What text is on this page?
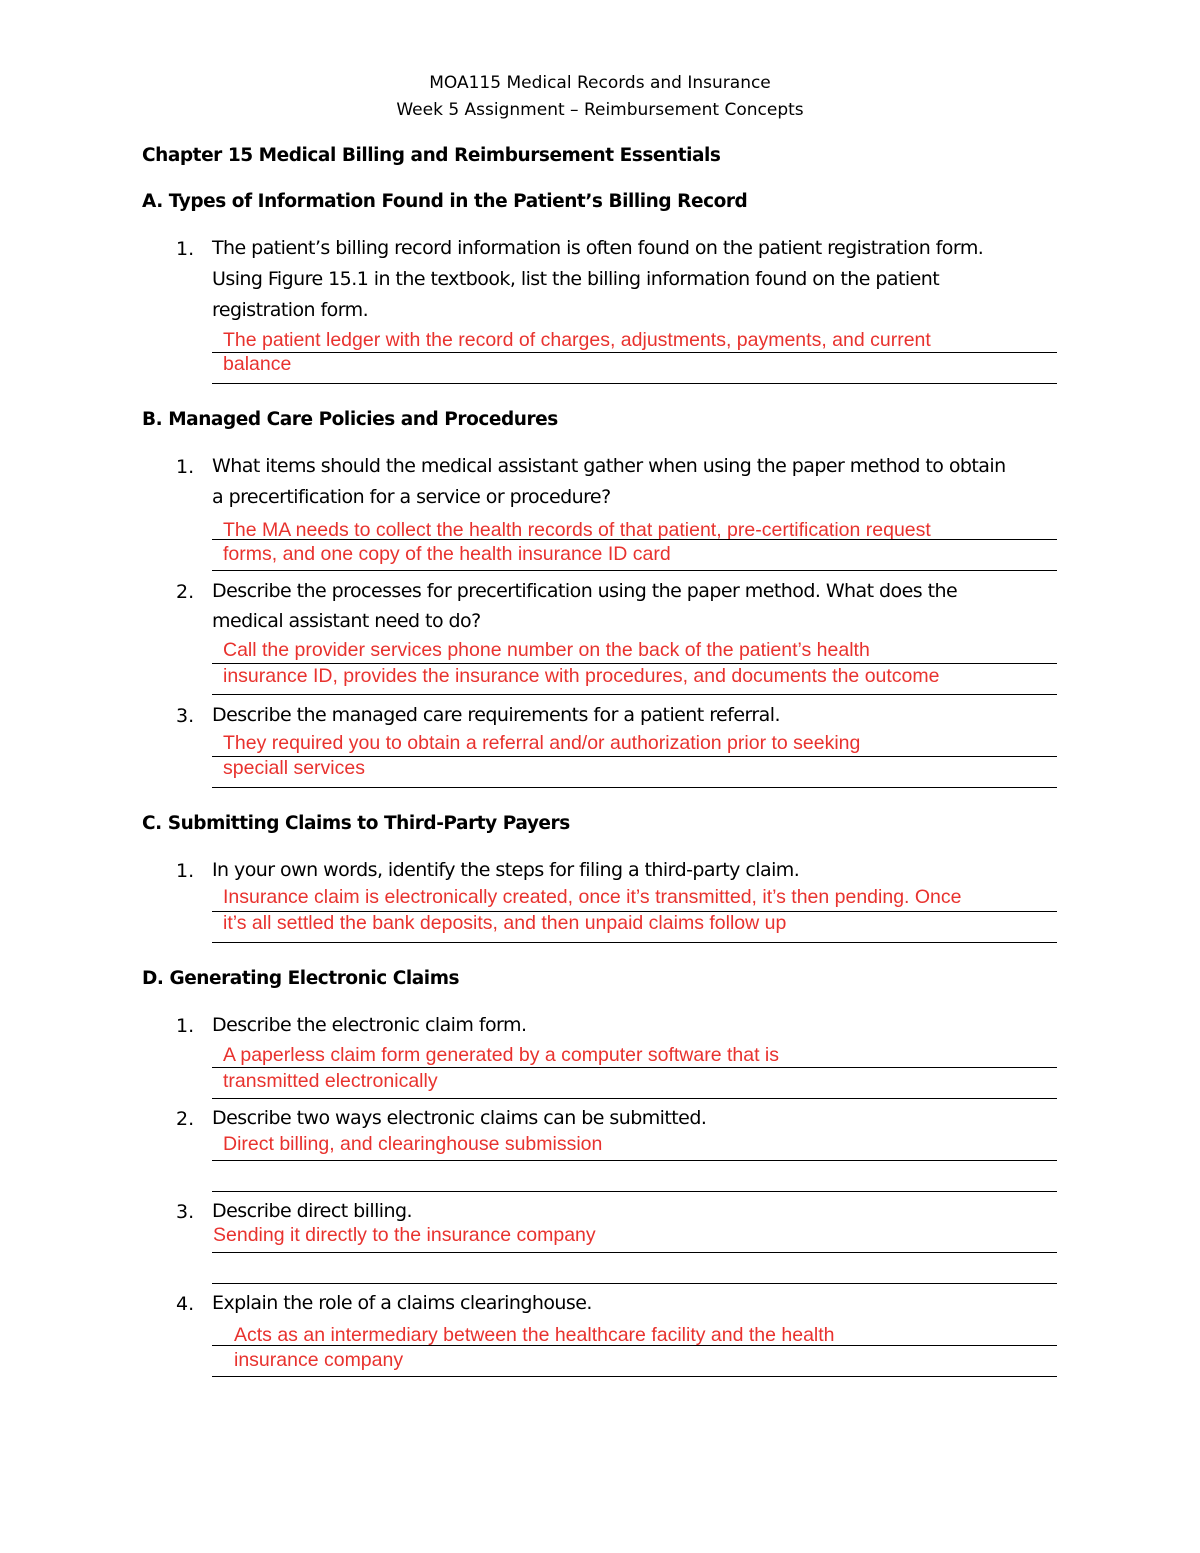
MOA115 Medical Records and Insurance
Week 5 Assignment – Reimbursement Concepts
Chapter 15 Medical Billing and Reimbursement Essentials
A. Types of Information Found in the Patient’s Billing Record
1. The patient’s billing record information is often found on the patient registration form.
Using Figure 15.1 in the textbook, list the billing information found on the patient
registration form.
The patient ledger with the record of charges, adjustments, payments, and current
balance
B. Managed Care Policies and Procedures
1. What items should the medical assistant gather when using the paper method to obtain
a precertification for a service or procedure?
The MA needs to collect the health records of that patient, pre-certification request
forms, and one copy of the health insurance ID card
2. Describe the processes for precertification using the paper method. What does the
medical assistant need to do?
Call the provider services phone number on the back of the patient’s health
insurance ID, provides the insurance with procedures, and documents the outcome
3. Describe the managed care requirements for a patient referral.
They required you to obtain a referral and/or authorization prior to seeking
speciall services
C. Submitting Claims to Third-Party Payers
1. In your own words, identify the steps for filing a third-party claim.
Insurance claim is electronically created, once it’s transmitted, it’s then pending. Once
it’s all settled the bank deposits, and then unpaid claims follow up
D. Generating Electronic Claims
1. Describe the electronic claim form.
A paperless claim form generated by a computer software that is
transmitted electronically
2. Describe two ways electronic claims can be submitted.
Direct billing, and clearinghouse submission
3. Describe direct billing.
Sending it directly to the insurance company
4. Explain the role of a claims clearinghouse.
Acts as an intermediary between the healthcare facility and the health
insurance company
